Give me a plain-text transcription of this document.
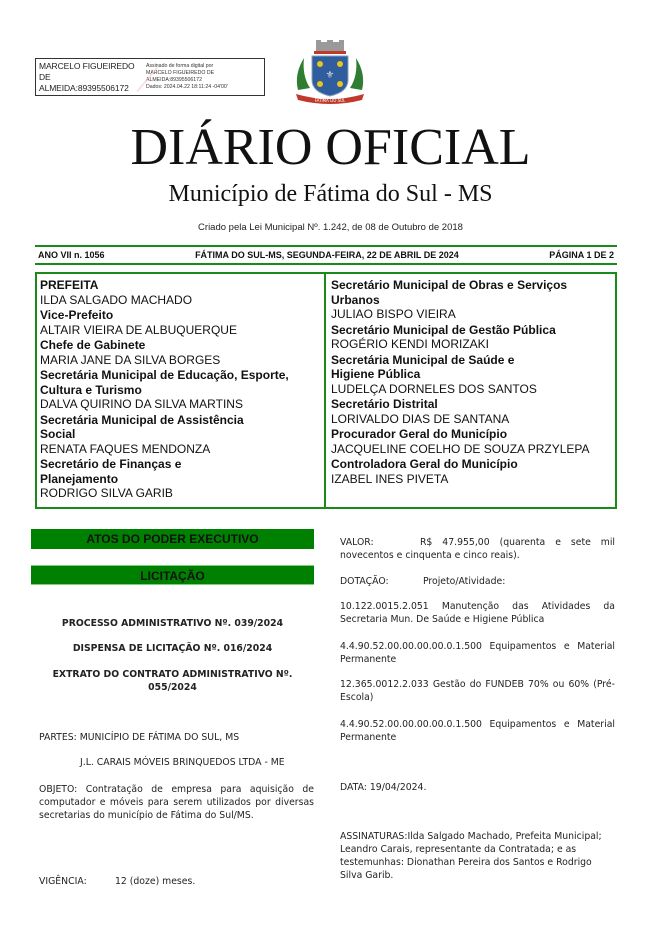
⟋
MARCELO FIGUEIREDO DE ALMEIDA:89395506172
Assinado de forma digital por
MARCELO FIGUEIREDO DE
ALMEIDA:89395506172
Dados: 2024.04.22 18:11:24 -04'00'
⚜
FÁTIMA DO SUL
DIÁRIO OFICIAL
Município de Fátima do Sul - MS
Criado pela Lei Municipal Nº. 1.242, de 08 de Outubro de 2018
ANO VII n. 1056	FÁTIMA DO SUL-MS, SEGUNDA-FEIRA, 22 DE ABRIL DE 2024	PÁGINA 1 DE 2
PREFEITA
ILDA SALGADO MACHADO
Vice-Prefeito
ALTAIR VIEIRA DE ALBUQUERQUE
Chefe de Gabinete
MARIA JANE DA SILVA BORGES
Secretária Municipal de Educação, Esporte, Cultura e Turismo
DALVA QUIRINO DA SILVA MARTINS
Secretária Municipal de Assistência Social
RENATA FAQUES MENDONZA
Secretário de Finanças e Planejamento
RODRIGO SILVA GARIB
Secretário Municipal de Obras e Serviços Urbanos
JULIAO BISPO VIEIRA
Secretário Municipal de Gestão Pública
ROGÉRIO KENDI MORIZAKI
Secretária Municipal de Saúde e Higiene Pública
LUDELÇA DORNELES DOS SANTOS
Secretário Distrital
LORIVALDO DIAS DE SANTANA
Procurador Geral do Município
JACQUELINE COELHO DE SOUZA PRZYLEPA
Controladora Geral do Município
IZABEL INES PIVETA
ATOS DO PODER EXECUTIVO
LICITAÇÃO
PROCESSO ADMINISTRATIVO Nº. 039/2024
DISPENSA DE LICITAÇÃO Nº. 016/2024
EXTRATO DO CONTRATO ADMINISTRATIVO Nº. 055/2024
PARTES: MUNICÍPIO DE FÁTIMA DO SUL, MS
J.L. CARAIS MÓVEIS BRINQUEDOS LTDA - ME
OBJETO: Contratação de empresa para aquisição de computador e móveis para serem utilizados por diversas secretarias do município de Fátima do Sul/MS.
VIGÊNCIA:	12 (doze) meses.
VALOR:	R$ 47.955,00 (quarenta e sete mil novecentos e cinquenta e cinco reais).
DOTAÇÃO:	Projeto/Atividade:
10.122.0015.2.051 Manutenção das Atividades da Secretaria Mun. De Saúde e Higiene Pública
4.4.90.52.00.00.00.00.0.1.500 Equipamentos e Material Permanente
12.365.0012.2.033 Gestão do FUNDEB 70% ou 60% (Pré-Escola)
4.4.90.52.00.00.00.00.0.1.500 Equipamentos e Material Permanente
DATA: 19/04/2024.
ASSINATURAS:Ilda Salgado Machado, Prefeita Municipal; Leandro Carais, representante da Contratada; e as testemunhas: Dionathan Pereira dos Santos e Rodrigo Silva Garib.
